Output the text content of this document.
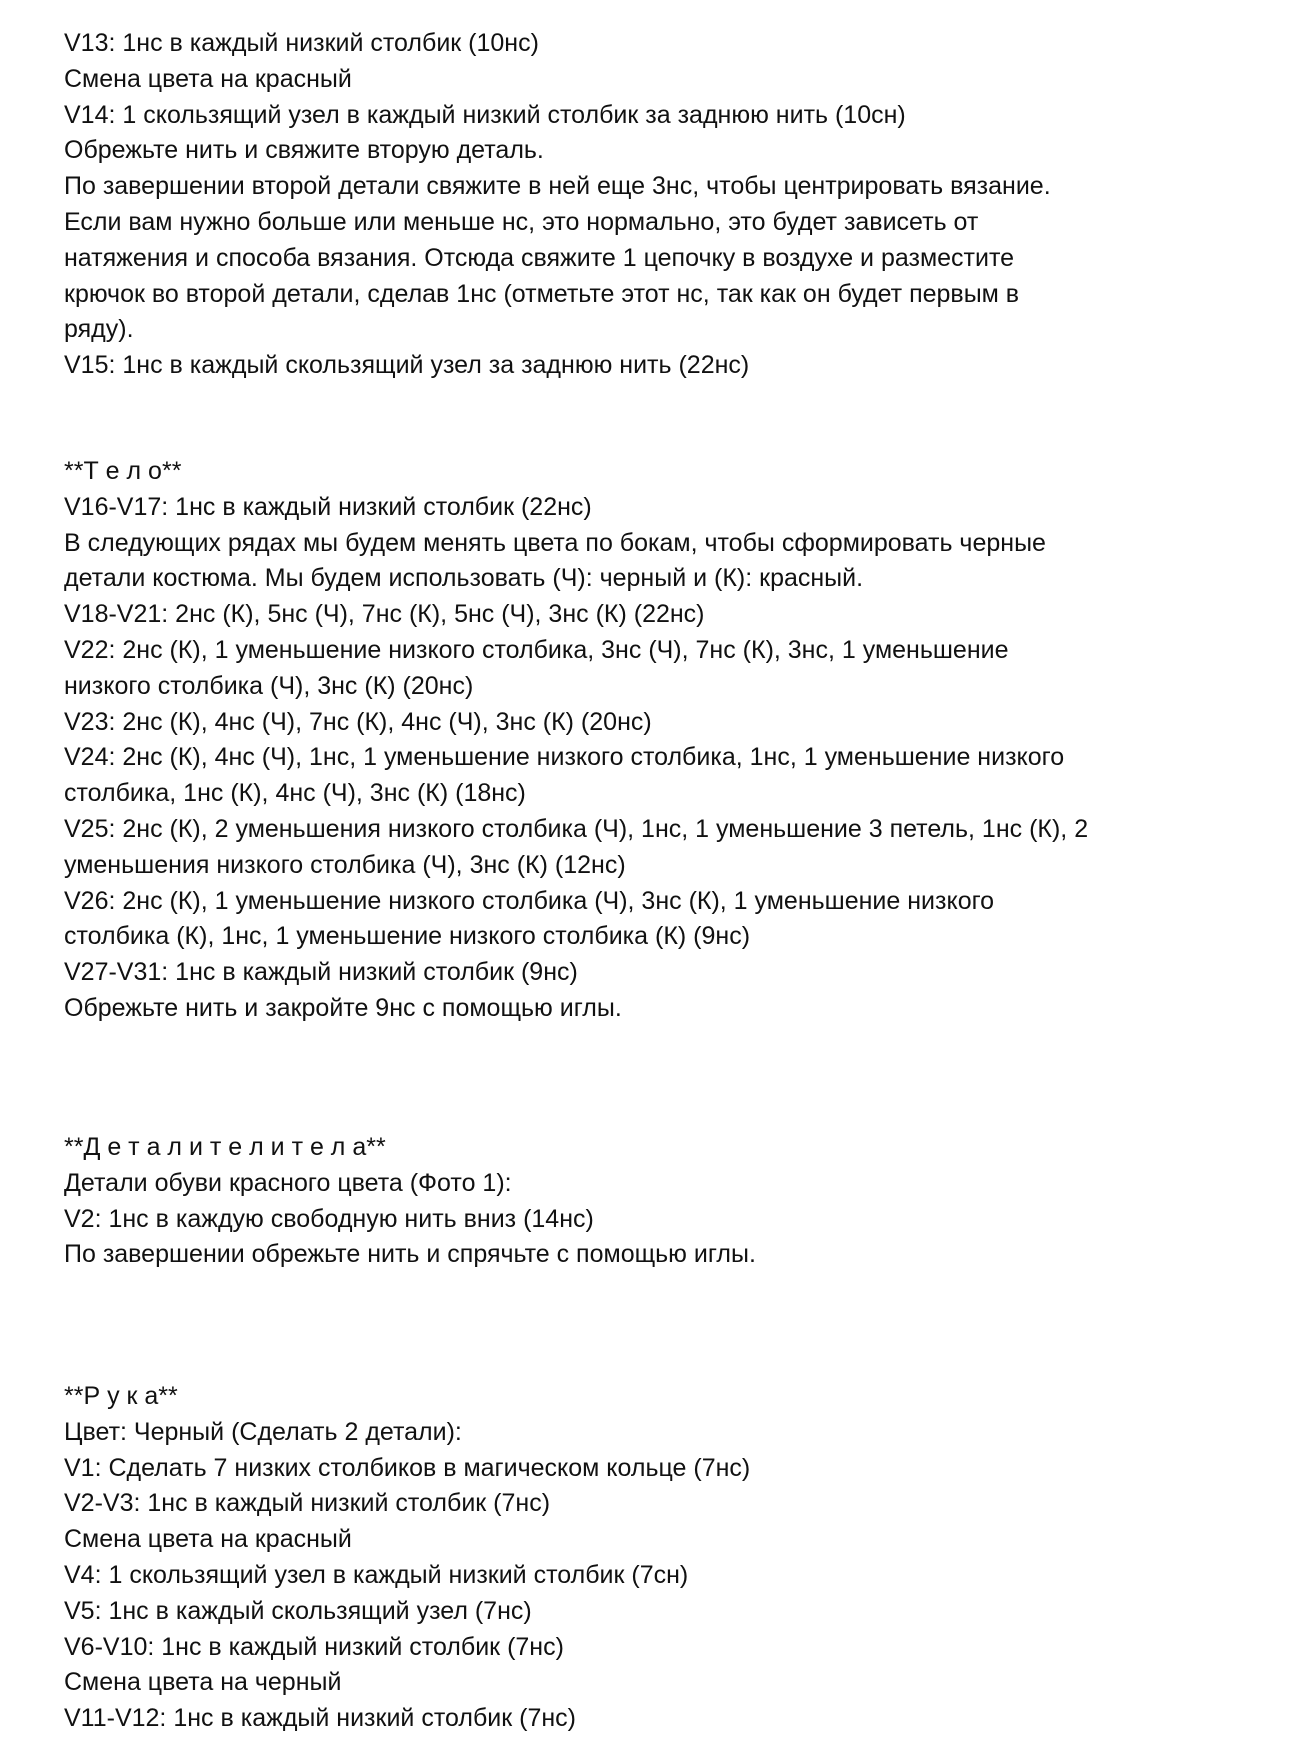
V13: 1нс в каждый низкий столбик (10нс)

Смена цвета на красный

V14: 1 скользящий узел в каждый низкий столбик за заднюю нить (10сн)

Обрежьте нить и свяжите вторую деталь.

По завершении второй детали свяжите в ней еще 3нс, чтобы центрировать вязание.

Если вам нужно больше или меньше нс, это нормально, это будет зависеть от

натяжения и способа вязания. Отсюда свяжите 1 цепочку в воздухе и разместите

крючок во второй детали, сделав 1нс (отметьте этот нс, так как он будет первым в

ряду).

V15: 1нс в каждый скользящий узел за заднюю нить (22нс)

**Т е л о**

V16-V17: 1нс в каждый низкий столбик (22нс)

В следующих рядах мы будем менять цвета по бокам, чтобы сформировать черные

детали костюма. Мы будем использовать (Ч): черный и (К): красный.

V18-V21: 2нс (К), 5нс (Ч), 7нс (К), 5нс (Ч), 3нс (К) (22нс)

V22: 2нс (К), 1 уменьшение низкого столбика, 3нс (Ч), 7нс (К), 3нс, 1 уменьшение

низкого столбика (Ч), 3нс (К) (20нс)

V23: 2нс (К), 4нс (Ч), 7нс (К), 4нс (Ч), 3нс (К) (20нс)

V24: 2нс (К), 4нс (Ч), 1нс, 1 уменьшение низкого столбика, 1нс, 1 уменьшение низкого

столбика, 1нс (К), 4нс (Ч), 3нс (К) (18нс)

V25: 2нс (К), 2 уменьшения низкого столбика (Ч), 1нс, 1 уменьшение 3 петель, 1нс (К), 2

уменьшения низкого столбика (Ч), 3нс (К) (12нс)

V26: 2нс (К), 1 уменьшение низкого столбика (Ч), 3нс (К), 1 уменьшение низкого

столбика (К), 1нс, 1 уменьшение низкого столбика (К) (9нс)

V27-V31: 1нс в каждый низкий столбик (9нс)

Обрежьте нить и закройте 9нс с помощью иглы.

**Д е т а л и т е л и т е л а**

Детали обуви красного цвета (Фото 1):

V2: 1нс в каждую свободную нить вниз (14нс)

По завершении обрежьте нить и спрячьте с помощью иглы.

**Р у к а**

Цвет: Черный (Сделать 2 детали):

V1: Сделать 7 низких столбиков в магическом кольце (7нс)

V2-V3: 1нс в каждый низкий столбик (7нс)

Смена цвета на красный

V4: 1 скользящий узел в каждый низкий столбик (7сн)

V5: 1нс в каждый скользящий узел (7нс)

V6-V10: 1нс в каждый низкий столбик (7нс)

Смена цвета на черный

V11-V12: 1нс в каждый низкий столбик (7нс)
